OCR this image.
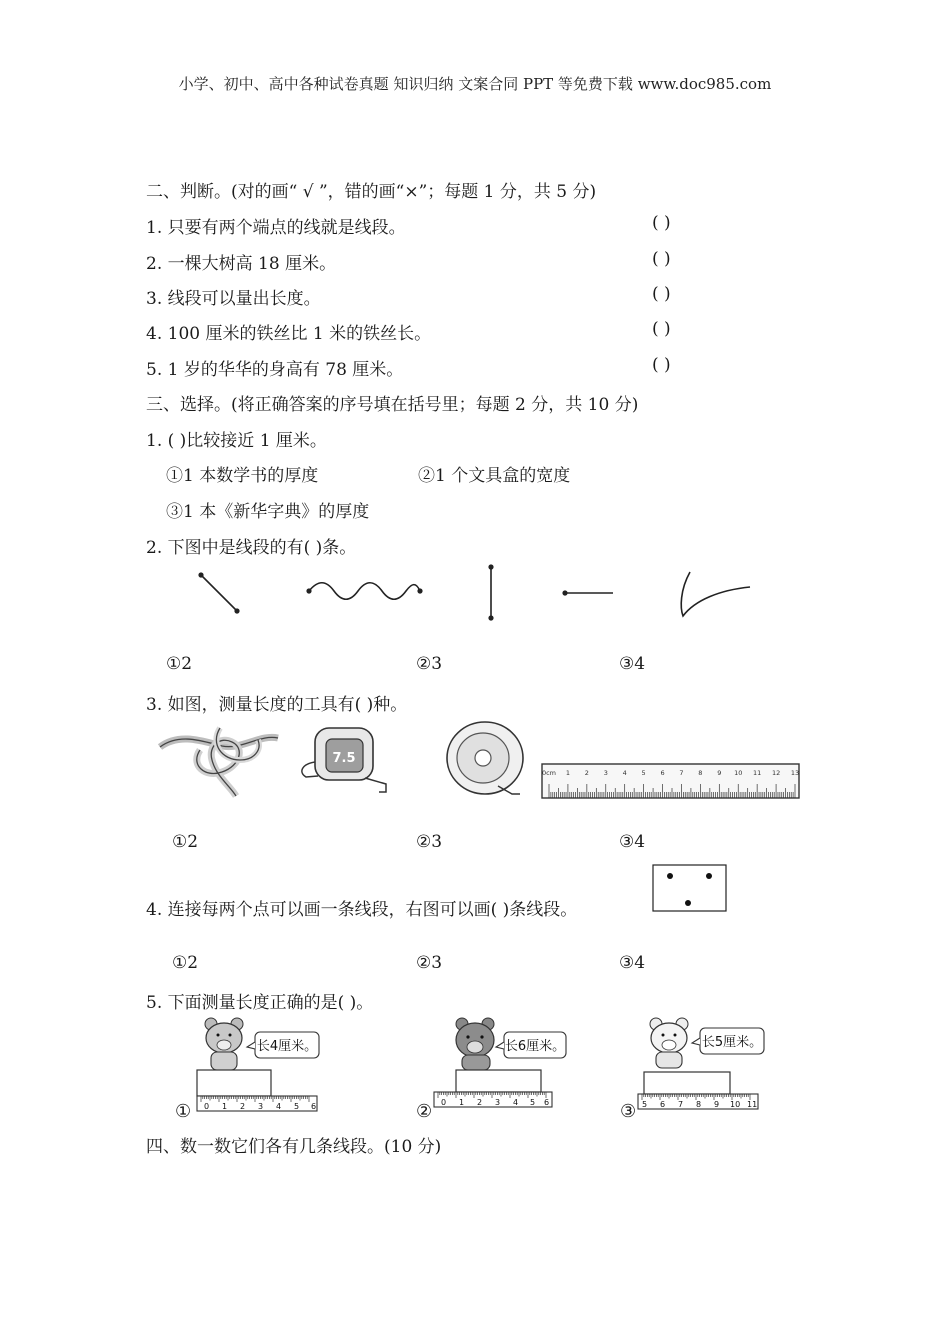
小学、初中、高中各种试卷真题 知识归纳 文案合同 PPT 等免费下载 www.doc985.com
二、判断。(对的画“ √ ”，错的画“×”；每题 1 分，共 5 分)
1. 只要有两个端点的线就是线段。	( )
2. 一棵大树高 18 厘米。	( )
3. 线段可以量出长度。	( )
4. 100 厘米的铁丝比 1 米的铁丝长。	( )
5. 1 岁的华华的身高有 78 厘米。	( )
三、选择。(将正确答案的序号填在括号里；每题 2 分，共 10 分)
1. ( )比较接近 1 厘米。
①1 本数学书的厚度	②1 个文具盒的宽度
③1 本《新华字典》的厚度
2. 下图中是线段的有( )条。
①2	②3	③4
3. 如图，测量长度的工具有( )种。
7.5
0cm 1 2 3 4 5 6 7 8 9 10 11 12 13
①2	②3	③4
4. 连接每两个点可以画一条线段，右图可以画( )条线段。
①2	②3	③4
5. 下面测量长度正确的是( )。
长4厘米。
0 1 2 3 4 5 6
①
长6厘米。
0 1 2 3 4 5 6
②
长5厘米。
5 6 7 8 9 10 11
③
四、数一数它们各有几条线段。(10 分)
